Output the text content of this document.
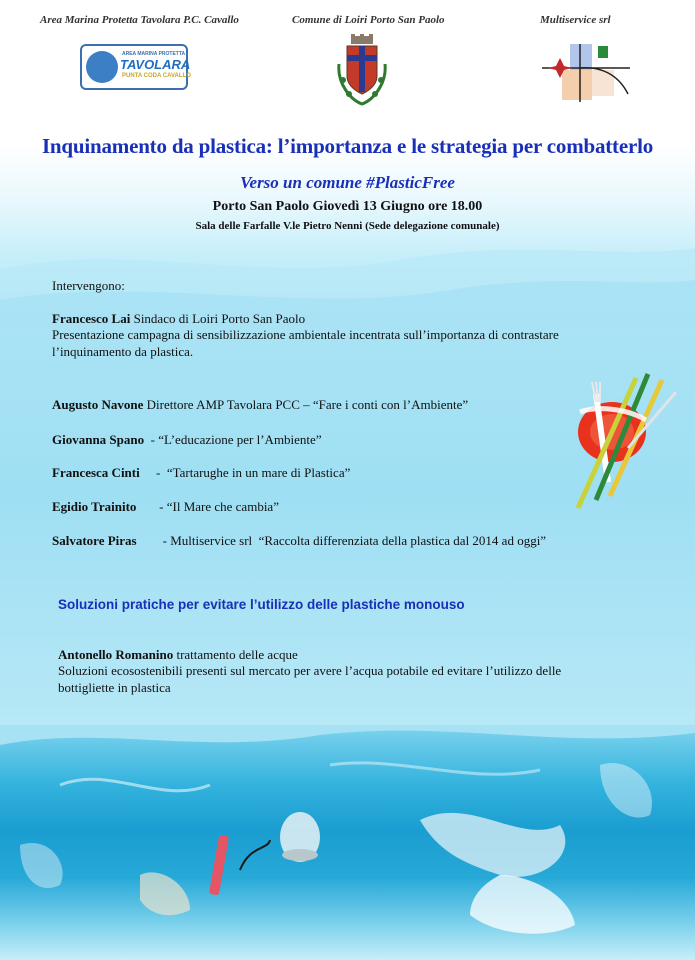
Area Marina Protetta Tavolara P.C. Cavallo	Comune di Loiri Porto San Paolo	Multiservice srl
AREA MARINA PROTETTA
TAVOLARA
PUNTA CODA CAVALLO
Inquinamento da plastica: l’importanza e le strategia per combatterlo
Verso un comune #PlasticFree
Porto San Paolo Giovedì 13 Giugno ore 18.00
Sala delle Farfalle V.le Pietro Nenni (Sede delegazione comunale)
Intervengono:
Francesco Lai Sindaco di Loiri Porto San Paolo
Presentazione campagna di sensibilizzazione ambientale incentrata sull’importanza di contrastare
l’inquinamento da plastica.
Augusto Navone Direttore AMP Tavolara PCC – “Fare i conti con l’Ambiente”
Giovanna Spano  - “L’educazione per l’Ambiente”
Francesca Cinti     -  “Tartarughe in un mare di Plastica”
Egidio Trainito       - “Il Mare che cambia”
Salvatore Piras        - Multiservice srl  “Raccolta differenziata della plastica dal 2014 ad oggi”
Soluzioni pratiche per evitare l’utilizzo delle plastiche monouso
Antonello Romanino trattamento delle acque
Soluzioni ecosostenibili presenti sul mercato per avere l’acqua potabile ed evitare l’utilizzo delle
bottigliette in plastica
